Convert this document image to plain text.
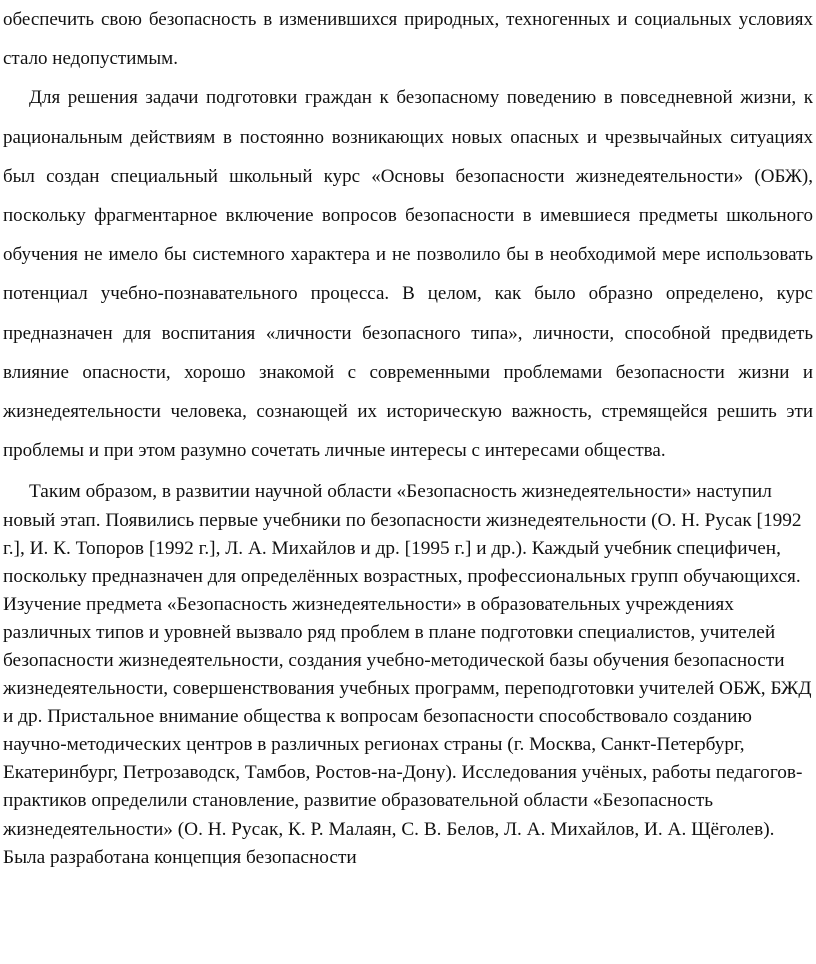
обеспечить свою безопасность в изменившихся природных, техногенных и социальных условиях стало недопустимым.

Для решения задачи подготовки граждан к безопасному поведению в повседневной жизни, к рациональным действиям в постоянно возникающих новых опасных и чрезвычайных ситуациях был создан специальный школьный курс «Основы безопасности жизнедеятельности» (ОБЖ), поскольку фрагментарное включение вопросов безопасности в имевшиеся предметы школьного обучения не имело бы системного характера и не позволило бы в необходимой мере использовать потенциал учебно-познавательного процесса. В целом, как было образно определено, курс предназначен для воспитания «личности безопасного типа», личности, способной предвидеть влияние опасности, хорошо знакомой с современными проблемами безопасности жизни и жизнедеятельности человека, сознающей их историческую важность, стремящейся решить эти проблемы и при этом разумно сочетать личные интересы с интересами общества.

Таким образом, в развитии научной области «Безопасность жизнедеятельности» наступил новый этап. Появились первые учебники по безопасности жизнедеятельности (О. Н. Русак [1992 г.], И. К. Топоров [1992 г.], Л. А. Михайлов и др. [1995 г.] и др.). Каждый учебник специфичен, поскольку предназначен для определённых возрастных, профессиональных групп обучающихся. Изучение предмета «Безопасность жизнедеятельности» в образовательных учреждениях различных типов и уровней вызвало ряд проблем в плане подготовки специалистов, учителей безопасности жизнедеятельности, создания учебно-методической базы обучения безопасности жизнедеятельности, совершенствования учебных программ, переподготовки учителей ОБЖ, БЖД и др. Пристальное внимание общества к вопросам безопасности способствовало созданию научно-методических центров в различных регионах страны (г. Москва, Санкт-Петербург, Екатеринбург, Петрозаводск, Тамбов, Ростов-на-Дону). Исследования учёных, работы педагогов-практиков определили становление, развитие образовательной области «Безопасность жизнедеятельности» (О. Н. Русак, К. Р. Малаян, С. В. Белов, Л. А. Михайлов, И. А. Щёголев). Была разработана концепция безопасности
